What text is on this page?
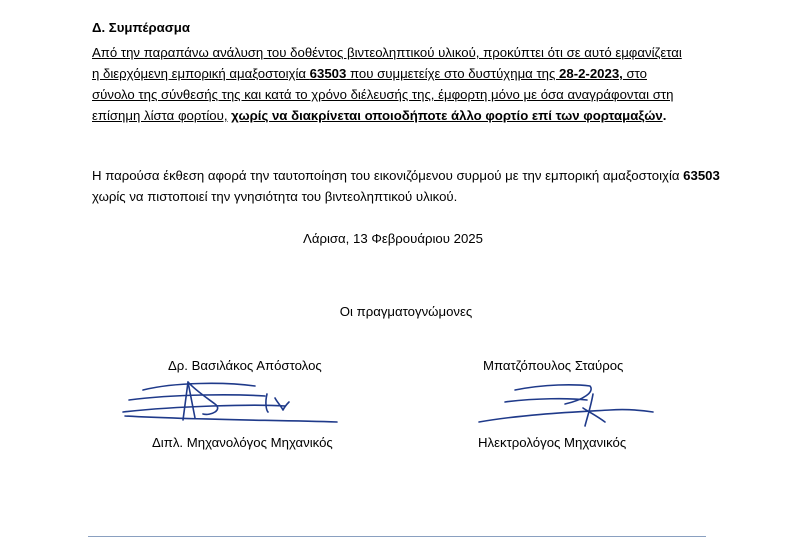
Δ. Συμπέρασμα

Από την παραπάνω ανάλυση του δοθέντος βιντεοληπτικού υλικού, προκύπτει ότι σε αυτό εμφανίζεται η διερχόμενη εμπορική αμαξοστοιχία 63503 που συμμετείχε στο δυστύχημα της 28-2-2023, στο σύνολο της σύνθεσής της και κατά το χρόνο διέλευσής της, έμφορτη μόνο με όσα αναγράφονται στη επίσημη λίστα φορτίου, χωρίς να διακρίνεται οποιοδήποτε άλλο φορτίο επί των φορταμαξών.

Η παρούσα έκθεση αφορά την ταυτοποίηση του εικονιζόμενου συρμού με την εμπορική αμαξοστοιχία 63503 χωρίς να πιστοποιεί την γνησιότητα του βιντεοληπτικού υλικού.

Λάρισα, 13 Φεβρουάριου 2025
Οι πραγματογνώμονες
Δρ. Βασιλάκος Απόστολος	Μπατζόπουλος Σταύρος
Διπλ. Μηχανολόγος Μηχανικός	Ηλεκτρολόγος Μηχανικός
